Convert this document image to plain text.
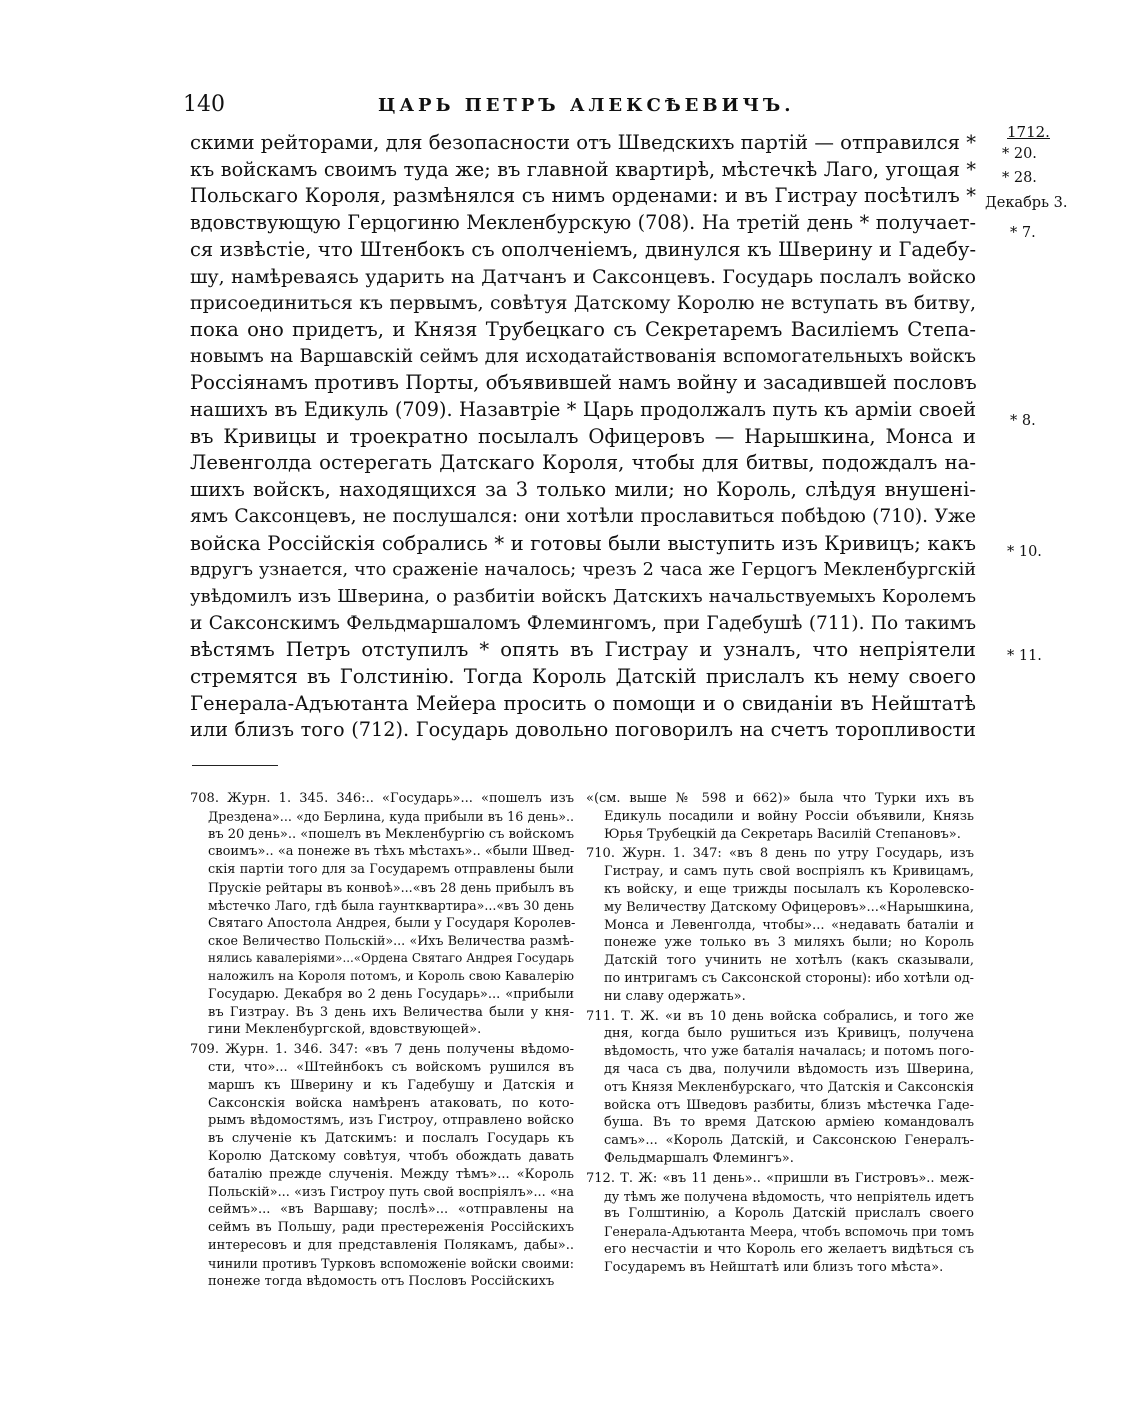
140	ЦАРЬ ПЕТРЪ АЛЕКСѢЕВИЧЪ.
1712.
* 20.
* 28.
Декабрь 3.
* 7.
* 8.
* 10.
* 11.
скими рейторами, для безопасности отъ Шведскихъ партій — отправился *
къ войскамъ своимъ туда же; въ главной квартирѣ, мѣстечкѣ Лаго, угощая *
Польскаго Короля, размѣнялся съ нимъ орденами: и въ Гистрау посѣтилъ *
вдовствующую Герцогиню Мекленбурскую (708). На третій день * получает-
ся извѣстіе, что Штенбокъ съ ополченіемъ, двинулся къ Шверину и Гадебу-
шу, намѣреваясь ударить на Датчанъ и Саксонцевъ. Государь послалъ войско
присоединиться къ первымъ, совѣтуя Датскому Королю не вступать въ битву,
пока оно придетъ, и Князя Трубецкаго съ Секретаремъ Василіемъ Степа-
новымъ на Варшавскій сеймъ для исходатайствованія вспомогательныхъ войскъ
Россіянамъ противъ Порты, объявившей намъ войну и засадившей пословъ
нашихъ въ Едикуль (709). Назавтріе * Царь продолжалъ путь къ арміи своей
въ Кривицы и троекратно посылалъ Офицеровъ — Нарышкина, Монса и
Левенголда остерегать Датскаго Короля, чтобы для битвы, подождалъ на-
шихъ войскъ, находящихся за 3 только мили; но Король, слѣдуя внушені-
ямъ Саксонцевъ, не послушался: они хотѣли прославиться побѣдою (710). Уже
войска Россійскія собрались * и готовы были выступить изъ Кривицъ; какъ
вдругъ узнается, что сраженіе началось; чрезъ 2 часа же Герцогъ Мекленбургскій
увѣдомилъ изъ Шверина, о разбитіи войскъ Датскихъ начальствуемыхъ Королемъ
и Саксонскимъ Фельдмаршаломъ Флемингомъ, при Гадебушѣ (711). По такимъ
вѣстямъ Петръ отступилъ * опять въ Гистрау и узналъ, что непріятели
стремятся въ Голстинію. Тогда Король Датскій прислалъ къ нему своего
Генерала-Адъютанта Мейера просить о помощи и о свиданіи въ Нейштатѣ
или близъ того (712). Государь довольно поговорилъ на счетъ торопливости
708. Журн. 1. 345. 346:.. «Государь»... «пошелъ изъ
Дрездена»... «до Берлина, куда прибыли въ 16 день»..
въ 20 день».. «пошелъ въ Мекленбургію съ войскомъ
своимъ».. «а понеже въ тѣхъ мѣстахъ».. «были Швед-
скія партіи того для за Государемъ отправлены были
Прускіе рейтары въ конвоѣ»...«въ 28 день прибылъ въ
мѣстечко Лаго, гдѣ была гаунтквартира»...«въ 30 день
Святаго Апостола Андрея, были у Государя Королев-
ское Величество Польскій»... «Ихъ Величества размѣ-
нялись кавалеріями»...«Ордена Святаго Андрея Государь
наложилъ на Короля потомъ, и Король свою Кавалерію
Государю. Декабря во 2 день Государь»... «прибыли
въ Гизтрау. Въ 3 день ихъ Величества были у кня-
гини Мекленбургской, вдовствующей».
709. Журн. 1. 346. 347: «въ 7 день получены вѣдомо-
сти, что»... «Штейнбокъ съ войскомъ рушился въ
маршъ къ Шверину и къ Гадебушу и Датскія и
Саксонскія войска намѣренъ атаковать, по кото-
рымъ вѣдомостямъ, изъ Гистроу, отправлено войско
въ слученіе къ Датскимъ: и послалъ Государь къ
Королю Датскому совѣтуя, чтобъ обождать давать
баталію прежде слученія. Между тѣмъ»... «Король
Польскій»... «изъ Гистроу путь свой воспріялъ»... «на
сеймъ»... «въ Варшаву; послѣ»... «отправлены на
сеймъ въ Польшу, ради престереженія Россійскихъ
интересовъ и для представленія Полякамъ, дабы»..
чинили противъ Турковъ вспоможеніе войски своими:
понеже тогда вѣдомость отъ Пословъ Россійскихъ
«(см. выше № 598 и 662)» была что Турки ихъ въ
Едикуль посадили и войну Россіи объявили, Князь
Юрья Трубецкій да Секретарь Василій Степановъ».
710. Журн. 1. 347: «въ 8 день по утру Государь, изъ
Гистрау, и самъ путь свой воспріялъ къ Кривицамъ,
къ войску, и еще трижды посылалъ къ Королевско-
му Величеству Датскому Офицеровъ»...«Нарышкина,
Монса и Левенголда, чтобы»... «недавать баталіи и
понеже уже только въ 3 миляхъ были; но Король
Датскій того учинить не хотѣлъ (какъ сказывали,
по интригамъ съ Саксонской стороны): ибо хотѣли од-
ни славу одержать».
711. Т. Ж. «и въ 10 день войска собрались, и того же
дня, когда было рушиться изъ Кривицъ, получена
вѣдомость, что уже баталія началась; и потомъ пого-
дя часа съ два, получили вѣдомость изъ Шверина,
отъ Князя Мекленбурскаго, что Датскія и Саксонскія
войска отъ Шведовъ разбиты, близъ мѣстечка Гаде-
буша. Въ то время Датскою арміею командовалъ
самъ»... «Король Датскій, и Саксонскою Генералъ-
Фельдмаршалъ Флемингъ».
712. Т. Ж: «въ 11 день».. «пришли въ Гистровъ».. меж-
ду тѣмъ же получена вѣдомость, что непріятель идетъ
въ Голштинію, а Король Датскій прислалъ своего
Генерала-Адъютанта Меера, чтобъ вспомочь при томъ
его несчастіи и что Король его желаетъ видѣться съ
Государемъ въ Нейштатѣ или близъ того мѣста».
